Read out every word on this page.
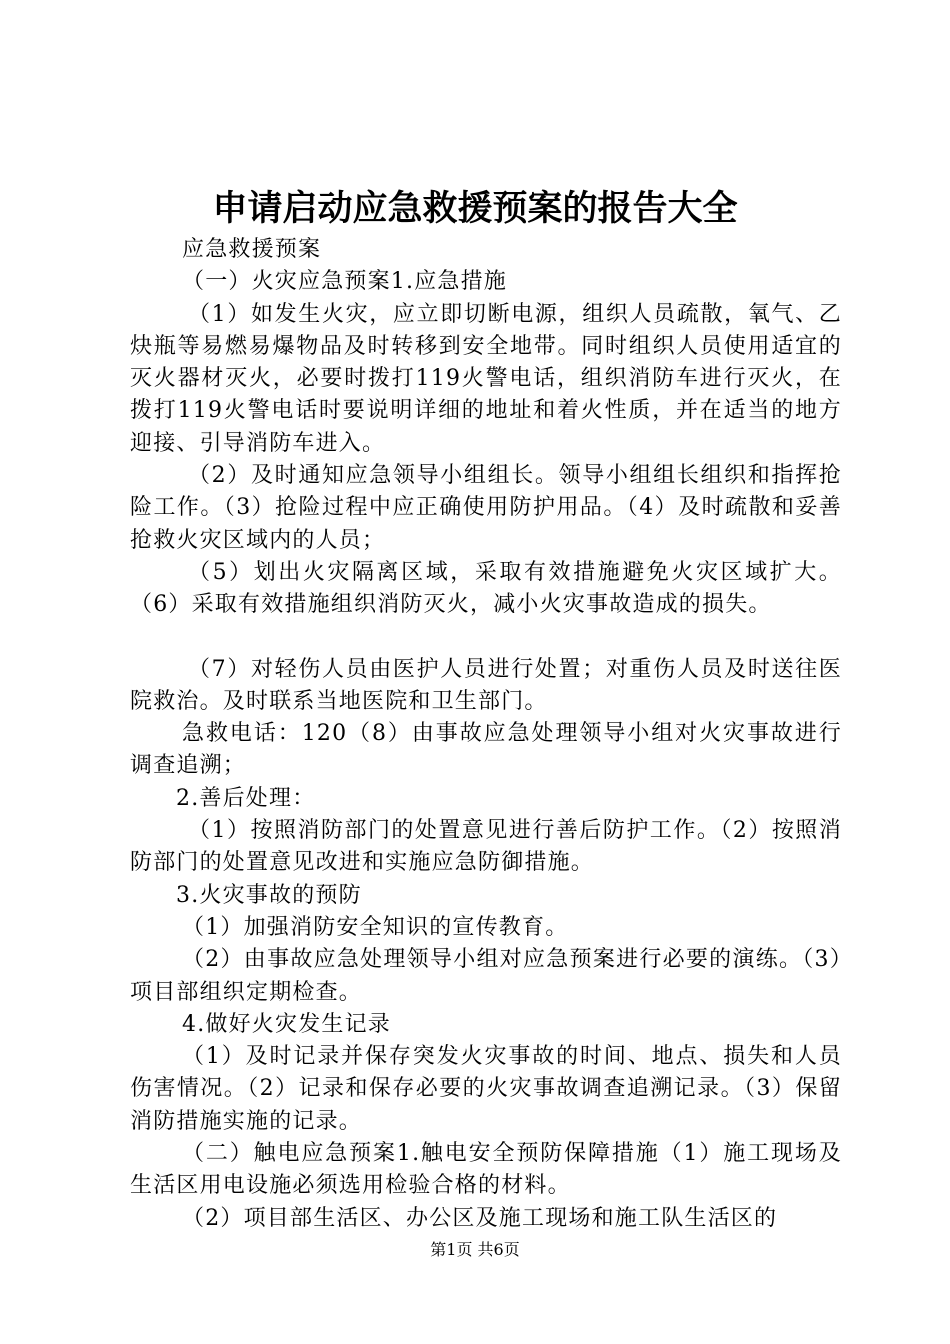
申请启动应急救援预案的报告大全

应急救援预案

（一）火灾应急预案1.应急措施

（1）如发生火灾，应立即切断电源，组织人员疏散，氧气、乙炔瓶等易燃易爆物品及时转移到安全地带。同时组织人员使用适宜的灭火器材灭火，必要时拨打119火警电话，组织消防车进行灭火，在拨打119火警电话时要说明详细的地址和着火性质，并在适当的地方迎接、引导消防车进入。

（2）及时通知应急领导小组组长。领导小组组长组织和指挥抢险工作。（3）抢险过程中应正确使用防护用品。（4）及时疏散和妥善抢救火灾区域内的人员；

（5）划出火灾隔离区域，采取有效措施避免火灾区域扩大。（6）采取有效措施组织消防灭火，减小火灾事故造成的损失。

（7）对轻伤人员由医护人员进行处置；对重伤人员及时送往医院救治。及时联系当地医院和卫生部门。

急救电话：120（8）由事故应急处理领导小组对火灾事故进行调查追溯；

2.善后处理：

（1）按照消防部门的处置意见进行善后防护工作。（2）按照消防部门的处置意见改进和实施应急防御措施。

3.火灾事故的预防

（1）加强消防安全知识的宣传教育。

（2）由事故应急处理领导小组对应急预案进行必要的演练。（3）项目部组织定期检查。

4.做好火灾发生记录

（1）及时记录并保存突发火灾事故的时间、地点、损失和人员伤害情况。（2）记录和保存必要的火灾事故调查追溯记录。（3）保留消防措施实施的记录。

（二）触电应急预案1.触电安全预防保障措施（1）施工现场及生活区用电设施必须选用检验合格的材料。

（2）项目部生活区、办公区及施工现场和施工队生活区的

第1页 共6页
